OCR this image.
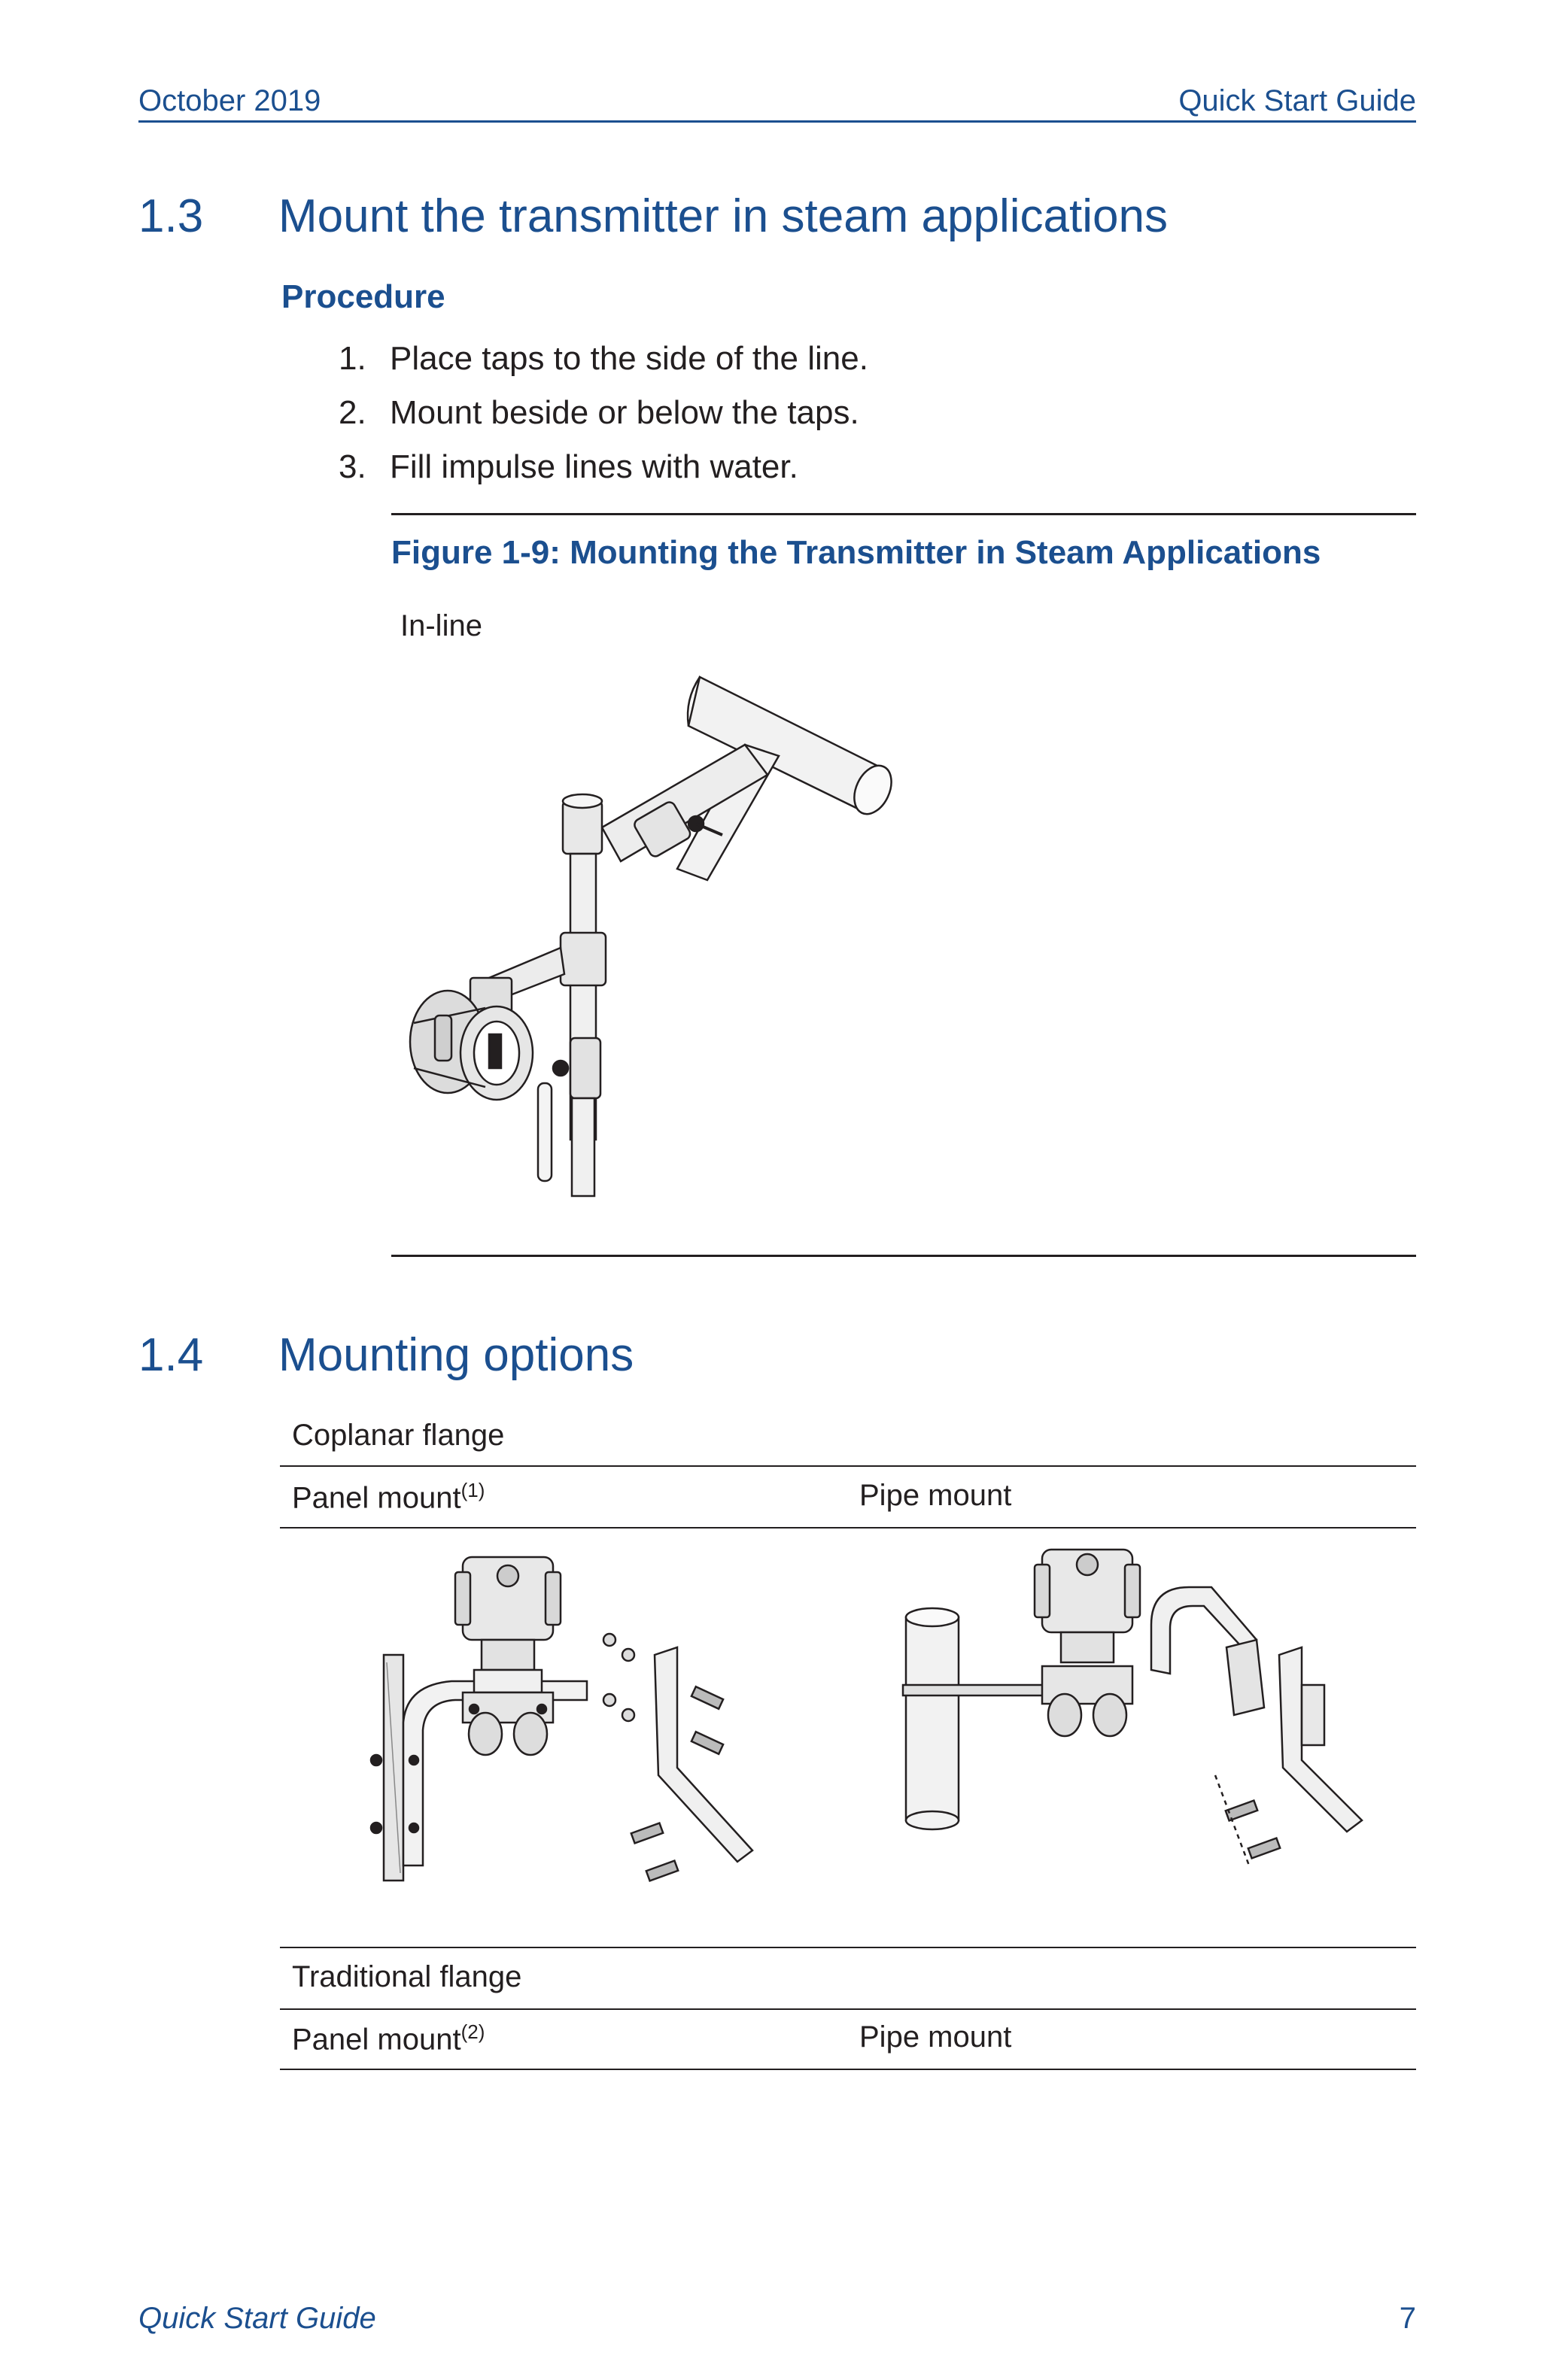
October 2019	Quick Start Guide
1.3 Mount the transmitter in steam applications
Procedure
1. Place taps to the side of the line.
2. Mount beside or below the taps.
3. Fill impulse lines with water.
Figure 1-9: Mounting the Transmitter in Steam Applications
In-line
1.4 Mounting options
Coplanar flange
Panel mount$^{(1)}$	Pipe mount
Traditional flange
Panel mount$^{(2)}$	Pipe mount
Quick Start Guide	7
